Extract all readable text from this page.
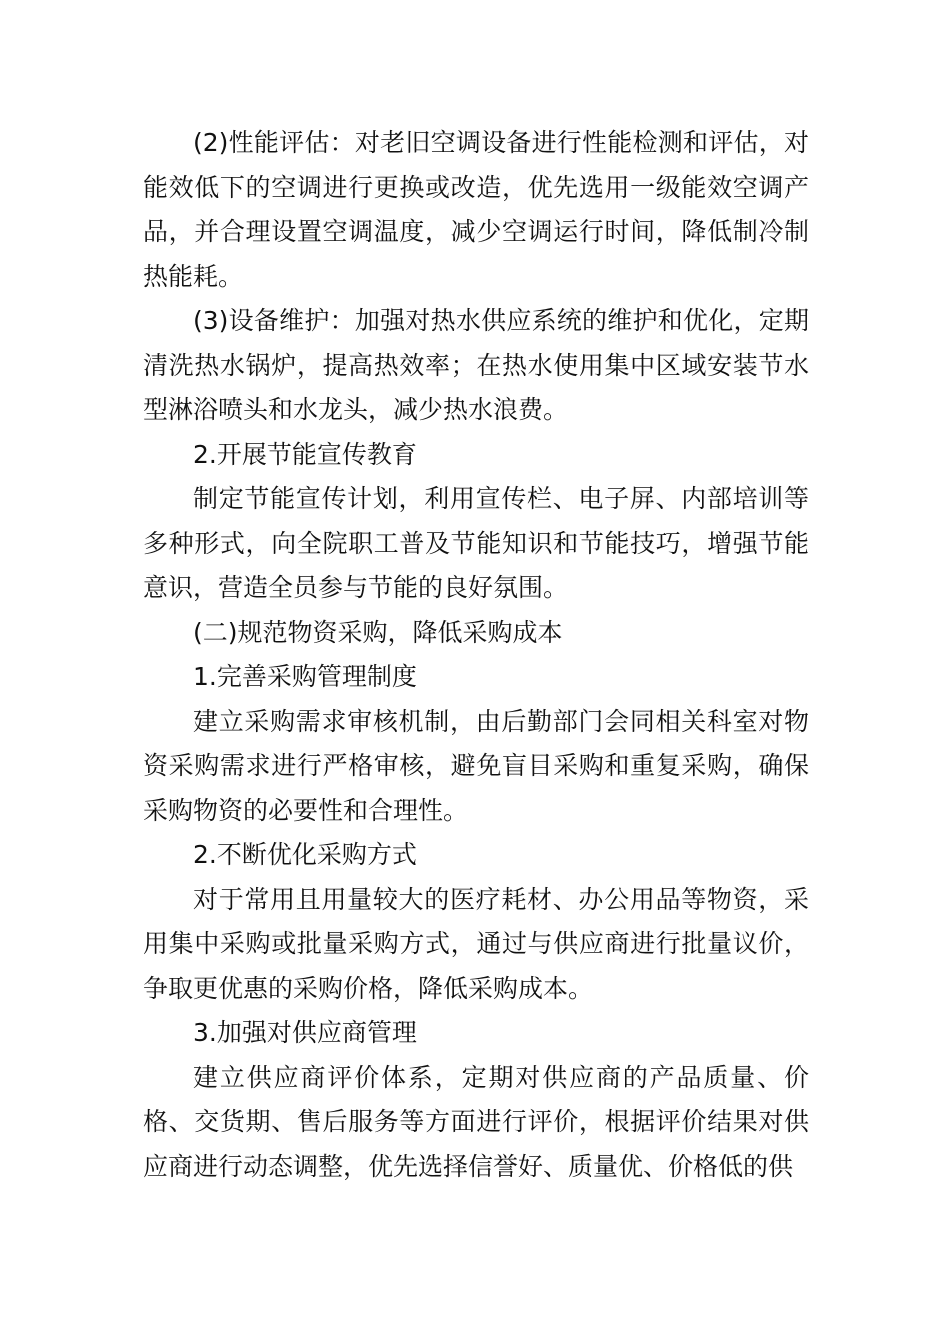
(2)性能评估：对老旧空调设备进行性能检测和评估，对能效低下的空调进行更换或改造，优先选用一级能效空调产品，并合理设置空调温度，减少空调运行时间，降低制冷制热能耗。

(3)设备维护：加强对热水供应系统的维护和优化，定期清洗热水锅炉，提高热效率；在热水使用集中区域安装节水型淋浴喷头和水龙头，减少热水浪费。

2.开展节能宣传教育

制定节能宣传计划，利用宣传栏、电子屏、内部培训等多种形式，向全院职工普及节能知识和节能技巧，增强节能意识，营造全员参与节能的良好氛围。

(二)规范物资采购，降低采购成本

1.完善采购管理制度

建立采购需求审核机制，由后勤部门会同相关科室对物资采购需求进行严格审核，避免盲目采购和重复采购，确保采购物资的必要性和合理性。

2.不断优化采购方式

对于常用且用量较大的医疗耗材、办公用品等物资，采用集中采购或批量采购方式，通过与供应商进行批量议价，争取更优惠的采购价格，降低采购成本。

3.加强对供应商管理

建立供应商评价体系，定期对供应商的产品质量、价格、交货期、售后服务等方面进行评价，根据评价结果对供应商进行动态调整，优先选择信誉好、质量优、价格低的供
